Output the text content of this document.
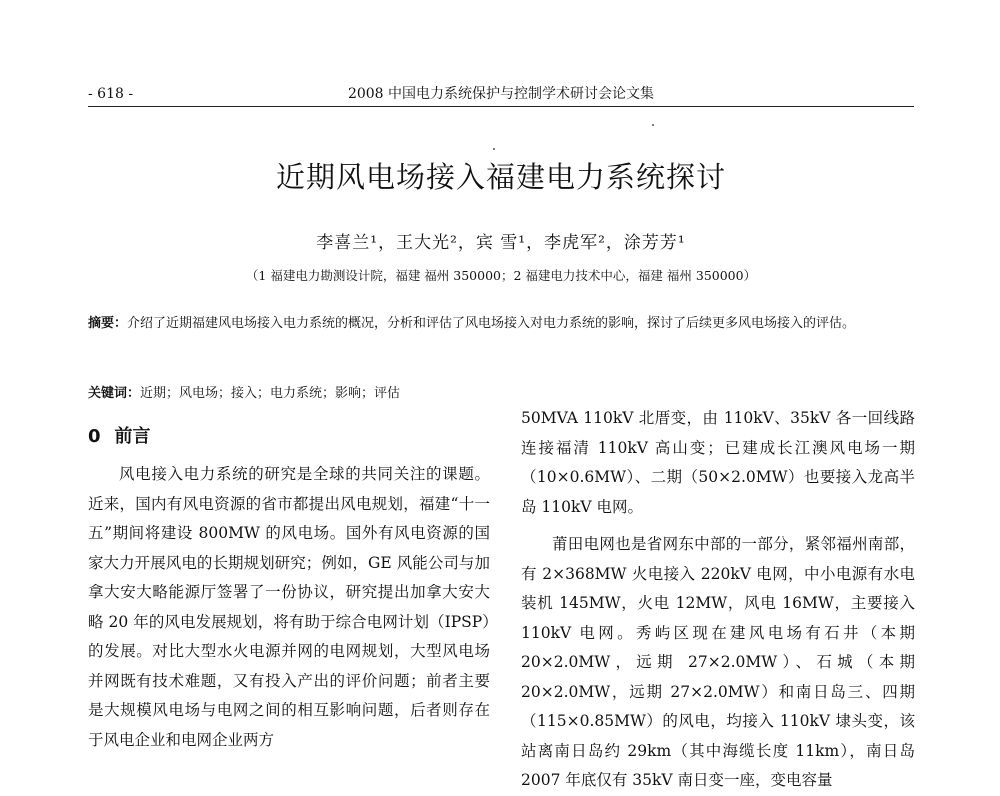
- 618 -	2008 中国电力系统保护与控制学术研讨会论文集
近期风电场接入福建电力系统探讨
李喜兰¹，王大光²，宾 雪¹，李虎军²，涂芳芳¹
（1 福建电力勘测设计院，福建 福州 350000；2 福建电力技术中心，福建 福州 350000）
摘要：介绍了近期福建风电场接入电力系统的概况，分析和评估了风电场接入对电力系统的影响，探讨了后续更多风电场接入的评估。
关键词：近期；风电场；接入；电力系统；影响；评估
0 前言

风电接入电力系统的研究是全球的共同关注的课题。近来，国内有风电资源的省市都提出风电规划，福建“十一五”期间将建设 800MW 的风电场。国外有风电资源的国家大力开展风电的长期规划研究；例如，GE 风能公司与加拿大安大略能源厅签署了一份协议，研究提出加拿大安大略 20 年的风电发展规划，将有助于综合电网计划（IPSP）的发展。对比大型水火电源并网的电网规划，大型风电场并网既有技术难题，又有投入产出的评价问题；前者主要是大规模风电场与电网之间的相互影响问题，后者则存在于风电企业和电网企业两方

50MVA 110kV 北厝变，由 110kV、35kV 各一回线路连接福清 110kV 高山变；已建成长江澳风电场一期（10×0.6MW）、二期（50×2.0MW）也要接入龙高半岛 110kV 电网。

莆田电网也是省网东中部的一部分，紧邻福州南部，有 2×368MW 火电接入 220kV 电网，中小电源有水电装机 145MW，火电 12MW，风电 16MW，主要接入 110kV 电网。秀屿区现在建风电场有石井（本期 20×2.0MW，远期 27×2.0MW）、石城（本期 20×2.0MW，远期 27×2.0MW）和南日岛三、四期（115×0.85MW）的风电，均接入 110kV 埭头变，该站离南日岛约 29km（其中海缆长度 11km），南日岛 2007 年底仅有 35kV 南日变一座，变电容量
